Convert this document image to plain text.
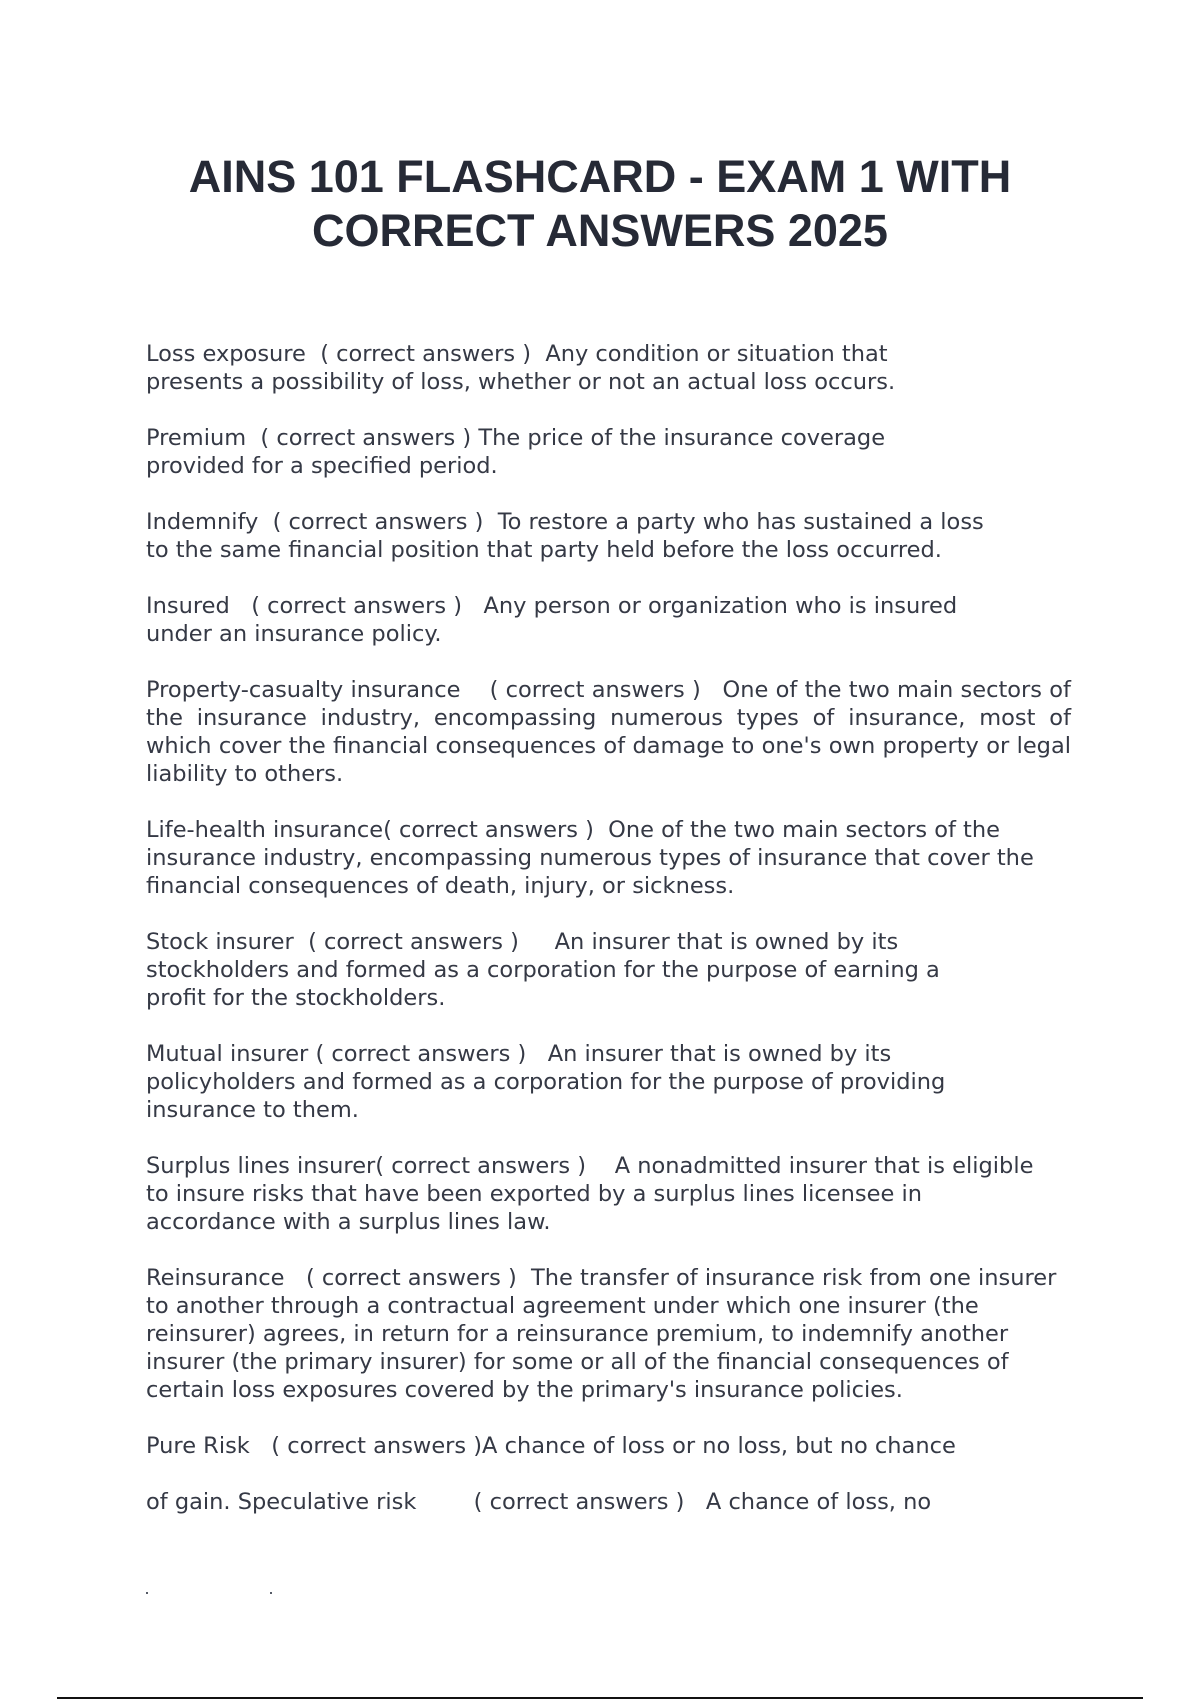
AINS 101 FLASHCARD - EXAM 1 WITH
CORRECT ANSWERS 2025

Loss exposure  ( correct answers )  Any condition or situation that presents a possibility of loss, whether or not an actual loss occurs.

Premium  ( correct answers ) The price of the insurance coverage provided for a specified period.

Indemnify  ( correct answers )  To restore a party who has sustained a loss to the same financial position that party held before the loss occurred.

Insured   ( correct answers )   Any person or organization who is insured under an insurance policy.

Property-casualty insurance    ( correct answers )   One of the two main sectors of the insurance industry, encompassing numerous types of insurance, most of which cover the financial consequences of damage to one's own property or legal liability to others.

Life-health insurance( correct answers )  One of the two main sectors of the insurance industry, encompassing numerous types of insurance that cover the financial consequences of death, injury, or sickness.

Stock insurer  ( correct answers )     An insurer that is owned by its stockholders and formed as a corporation for the purpose of earning a profit for the stockholders.

Mutual insurer ( correct answers )   An insurer that is owned by its policyholders and formed as a corporation for the purpose of providing insurance to them.

Surplus lines insurer( correct answers )    A nonadmitted insurer that is eligible to insure risks that have been exported by a surplus lines licensee in accordance with a surplus lines law.

Reinsurance   ( correct answers )  The transfer of insurance risk from one insurer to another through a contractual agreement under which one insurer (the reinsurer) agrees, in return for a reinsurance premium, to indemnify another insurer (the primary insurer) for some or all of the financial consequences of certain loss exposures covered by the primary's insurance policies.

Pure Risk   ( correct answers )A chance of loss or no loss, but no chance

of gain. Speculative risk        ( correct answers )   A chance of loss, no
